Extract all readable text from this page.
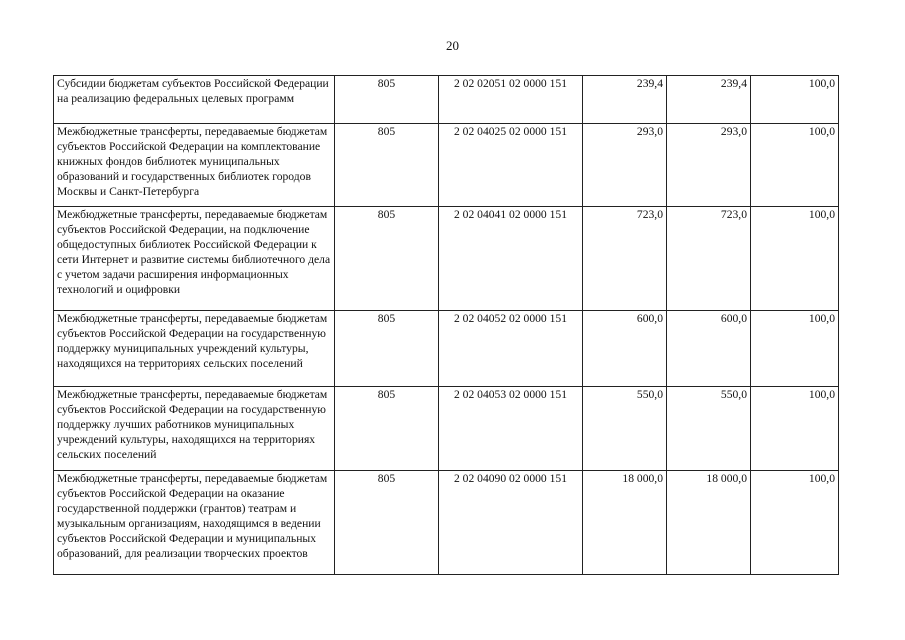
20
Субсидии бюджетам субъектов Российской Федерации на реализацию федеральных целевых программ	805	2 02 02051 02 0000 151	239,4	239,4	100,0
Межбюджетные трансферты, передаваемые бюджетам субъектов Российской Федерации на комплектование книжных фондов библиотек муниципальных образований и государственных библиотек городов Москвы и Санкт-Петербурга	805	2 02 04025 02 0000 151	293,0	293,0	100,0
Межбюджетные трансферты, передаваемые бюджетам субъектов Российской Федерации, на подключение общедоступных библиотек Российской Федерации к сети Интернет и развитие системы библиотечного дела с учетом задачи расширения информационных технологий и оцифровки	805	2 02 04041 02 0000 151	723,0	723,0	100,0
Межбюджетные трансферты, передаваемые бюджетам субъектов Российской Федерации на государственную поддержку муниципальных учреждений культуры, находящихся на территориях сельских поселений	805	2 02 04052 02 0000 151	600,0	600,0	100,0
Межбюджетные трансферты, передаваемые бюджетам субъектов Российской Федерации на государственную поддержку лучших работников муниципальных учреждений культуры, находящихся на территориях сельских поселений	805	2 02 04053 02 0000 151	550,0	550,0	100,0
Межбюджетные трансферты, передаваемые бюджетам субъектов Российской Федерации на оказание государственной поддержки (грантов) театрам и музыкальным организациям, находящимся в ведении субъектов Российской Федерации и муниципальных образований, для реализации творческих проектов	805	2 02 04090 02 0000 151	18 000,0	18 000,0	100,0
